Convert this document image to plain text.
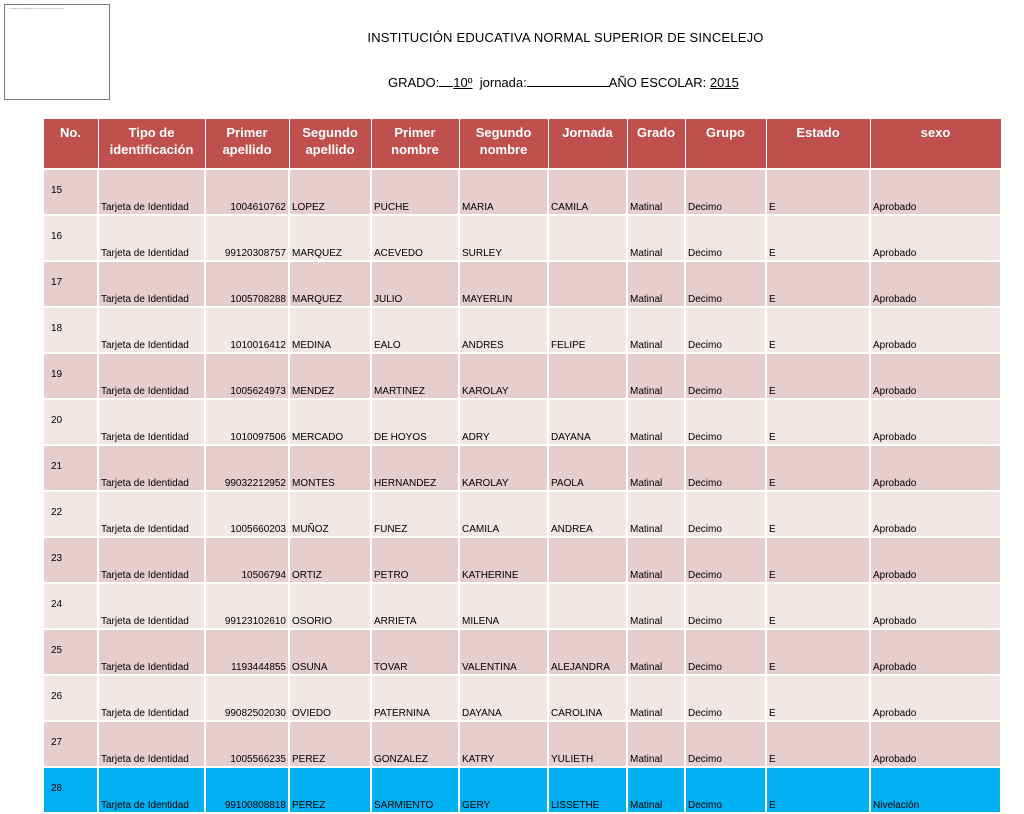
La imagen probablemente no se puede mostrar correctamente
INSTITUCIÓN EDUCATIVA NORMAL SUPERIOR DE SINCELEJO
GRADO: 10º jornada:	AÑO ESCOLAR: 2015
No.	Tipo de identificación	Primer apellido	Segundo apellido	Primer nombre	Segundo nombre	Jornada	Grado	Grupo	Estado	sexo
15	Tarjeta de Identidad	1004610762	LOPEZ	PUCHE	MARIA	CAMILA	Matinal	Decimo	E	Aprobado
16	Tarjeta de Identidad	99120308757	MARQUEZ	ACEVEDO	SURLEY		Matinal	Decimo	E	Aprobado
17	Tarjeta de Identidad	1005708288	MARQUEZ	JULIO	MAYERLIN		Matinal	Decimo	E	Aprobado
18	Tarjeta de Identidad	1010016412	MEDINA	EALO	ANDRES	FELIPE	Matinal	Decimo	E	Aprobado
19	Tarjeta de Identidad	1005624973	MENDEZ	MARTINEZ	KAROLAY		Matinal	Decimo	E	Aprobado
20	Tarjeta de Identidad	1010097506	MERCADO	DE HOYOS	ADRY	DAYANA	Matinal	Decimo	E	Aprobado
21	Tarjeta de Identidad	99032212952	MONTES	HERNANDEZ	KAROLAY	PAOLA	Matinal	Decimo	E	Aprobado
22	Tarjeta de Identidad	1005660203	MUÑOZ	FUNEZ	CAMILA	ANDREA	Matinal	Decimo	E	Aprobado
23	Tarjeta de Identidad	10506794	ORTIZ	PETRO	KATHERINE		Matinal	Decimo	E	Aprobado
24	Tarjeta de Identidad	99123102610	OSORIO	ARRIETA	MILENA		Matinal	Decimo	E	Aprobado
25	Tarjeta de Identidad	1193444855	OSUNA	TOVAR	VALENTINA	ALEJANDRA	Matinal	Decimo	E	Aprobado
26	Tarjeta de Identidad	99082502030	OVIEDO	PATERNINA	DAYANA	CAROLINA	Matinal	Decimo	E	Aprobado
27	Tarjeta de Identidad	1005566235	PEREZ	GONZALEZ	KATRY	YULIETH	Matinal	Decimo	E	Aprobado
28	Tarjeta de Identidad	99100808818	PEREZ	SARMIENTO	GERY	LISSETHE	Matinal	Decimo	E	Nivelación
